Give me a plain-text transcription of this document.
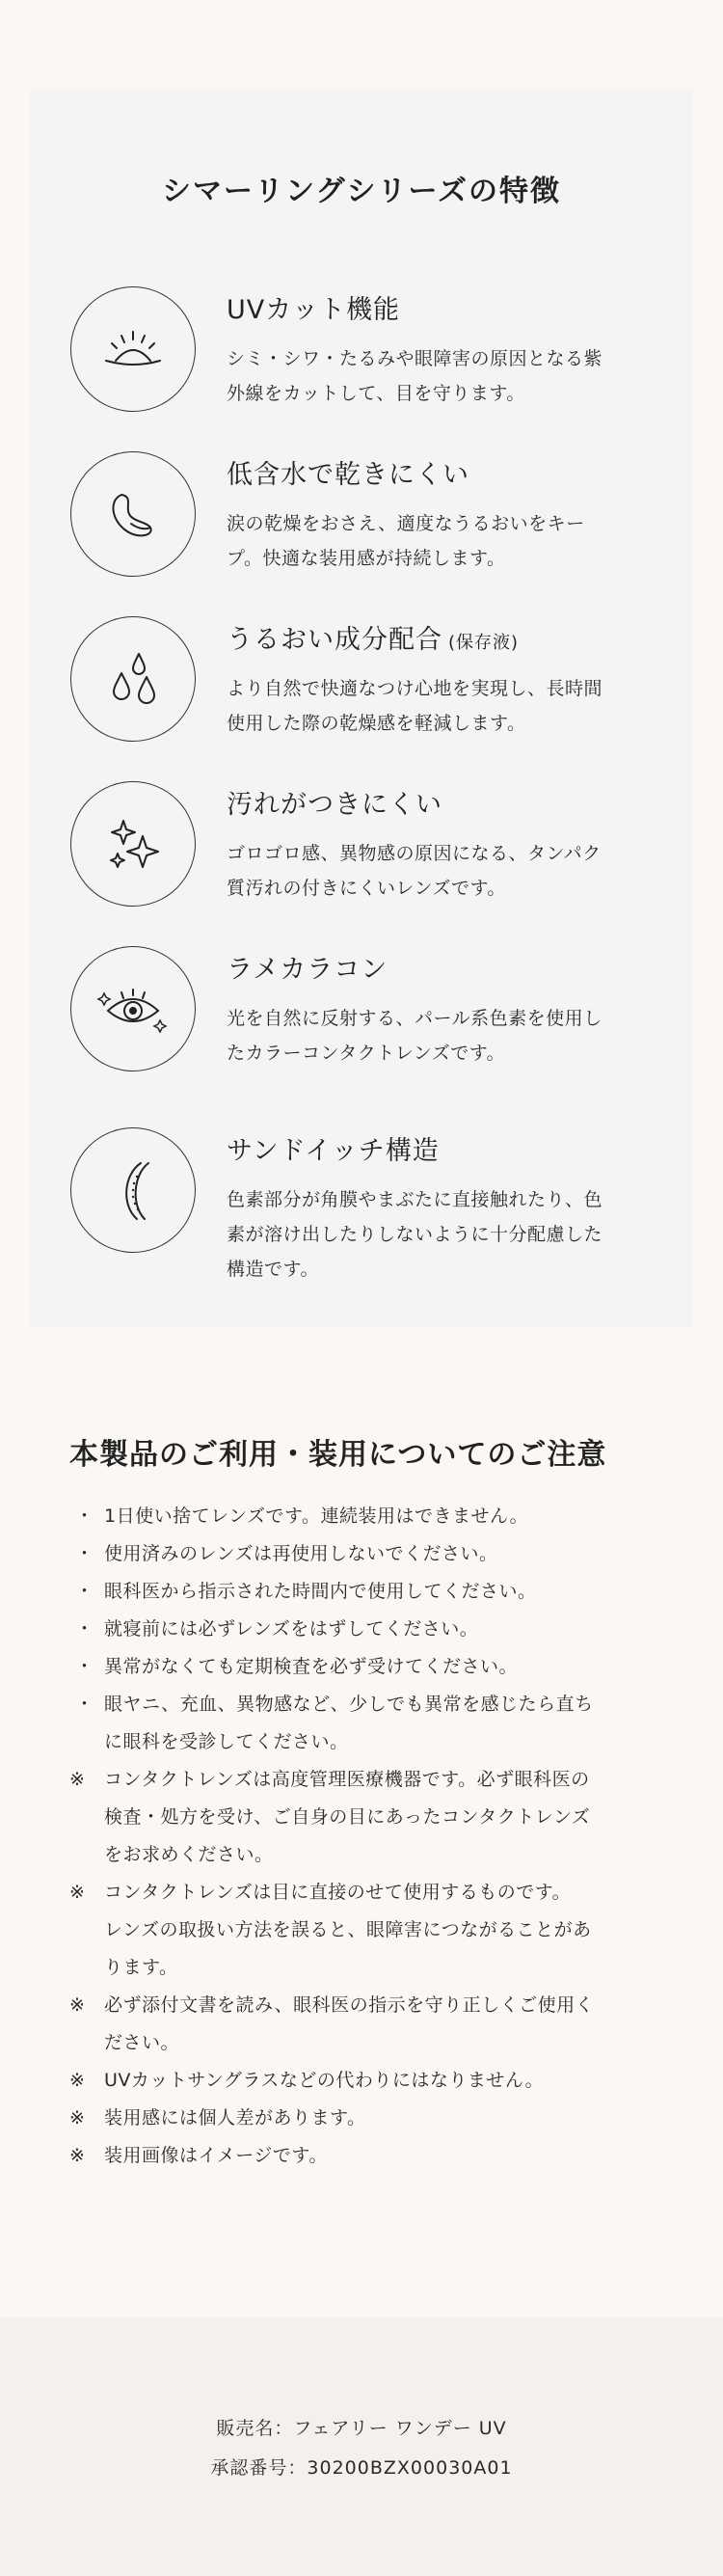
シマーリングシリーズの特徴
UVカット機能
シミ・シワ・たるみや眼障害の原因となる紫
外線をカットして、目を守ります。
低含水で乾きにくい
涙の乾燥をおさえ、適度なうるおいをキー
プ。快適な装用感が持続します。
うるおい成分配合 (保存液)
より自然で快適なつけ心地を実現し、長時間
使用した際の乾燥感を軽減します。
汚れがつきにくい
ゴロゴロ感、異物感の原因になる、タンパク
質汚れの付きにくいレンズです。
ラメカラコン
光を自然に反射する、パール系色素を使用し
たカラーコンタクトレンズです。
サンドイッチ構造
色素部分が角膜やまぶたに直接触れたり、色
素が溶け出したりしないように十分配慮した
構造です。
本製品のご利用・装用についてのご注意
・ 1日使い捨てレンズです。連続装用はできません。
・ 使用済みのレンズは再使用しないでください。
・ 眼科医から指示された時間内で使用してください。
・ 就寝前には必ずレンズをはずしてください。
・ 異常がなくても定期検査を必ず受けてください。
・ 眼ヤニ、充血、異物感など、少しでも異常を感じたら直ち
に眼科を受診してください。
※	コンタクトレンズは高度管理医療機器です。必ず眼科医の
検査・処方を受け、ご自身の目にあったコンタクトレンズ
をお求めください。
※	コンタクトレンズは目に直接のせて使用するものです。
レンズの取扱い方法を誤ると、眼障害につながることがあ
ります。
※	必ず添付文書を読み、眼科医の指示を守り正しくご使用く
ださい。
※	UVカットサングラスなどの代わりにはなりません。
※	装用感には個人差があります。
※	装用画像はイメージです。
販売名：フェアリー ワンデー UV
承認番号：30200BZX00030A01
